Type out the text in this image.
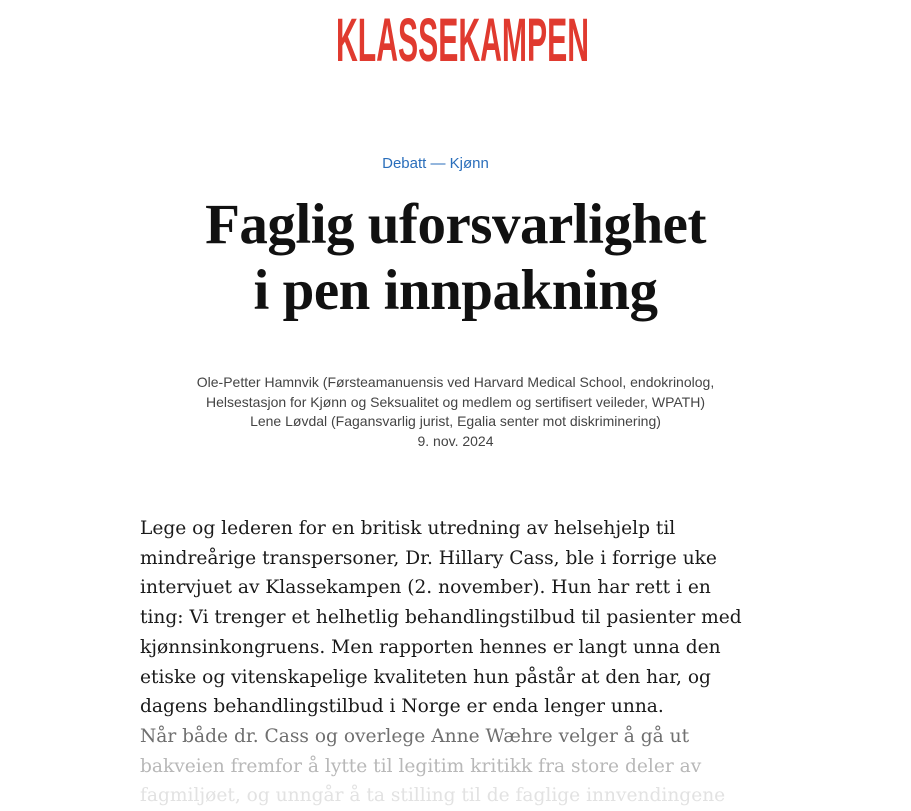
KLASSEKAMPEN
Debatt — Kjønn
Faglig uforsvarlighet
i pen innpakning
Ole-Petter Hamnvik (Førsteamanuensis ved Harvard Medical School, endokrinolog,
Helsestasjon for Kjønn og Seksualitet og medlem og sertifisert veileder, WPATH)
Lene Løvdal (Fagansvarlig jurist, Egalia senter mot diskriminering)
9. nov. 2024
Lege og lederen for en britisk utredning av helsehjelp til
mindreårige transpersoner, Dr. Hillary Cass, ble i forrige uke
intervjuet av Klassekampen (2. november). Hun har rett i en
ting: Vi trenger et helhetlig behandlingstilbud til pasienter med
kjønnsinkongruens. Men rapporten hennes er langt unna den
etiske og vitenskapelige kvaliteten hun påstår at den har, og
dagens behandlingstilbud i Norge er enda lenger unna.
Når både dr. Cass og overlege Anne Wæhre velger å gå ut
bakveien fremfor å lytte til legitim kritikk fra store deler av
fagmiljøet, og unngår å ta stilling til de faglige innvendingene
